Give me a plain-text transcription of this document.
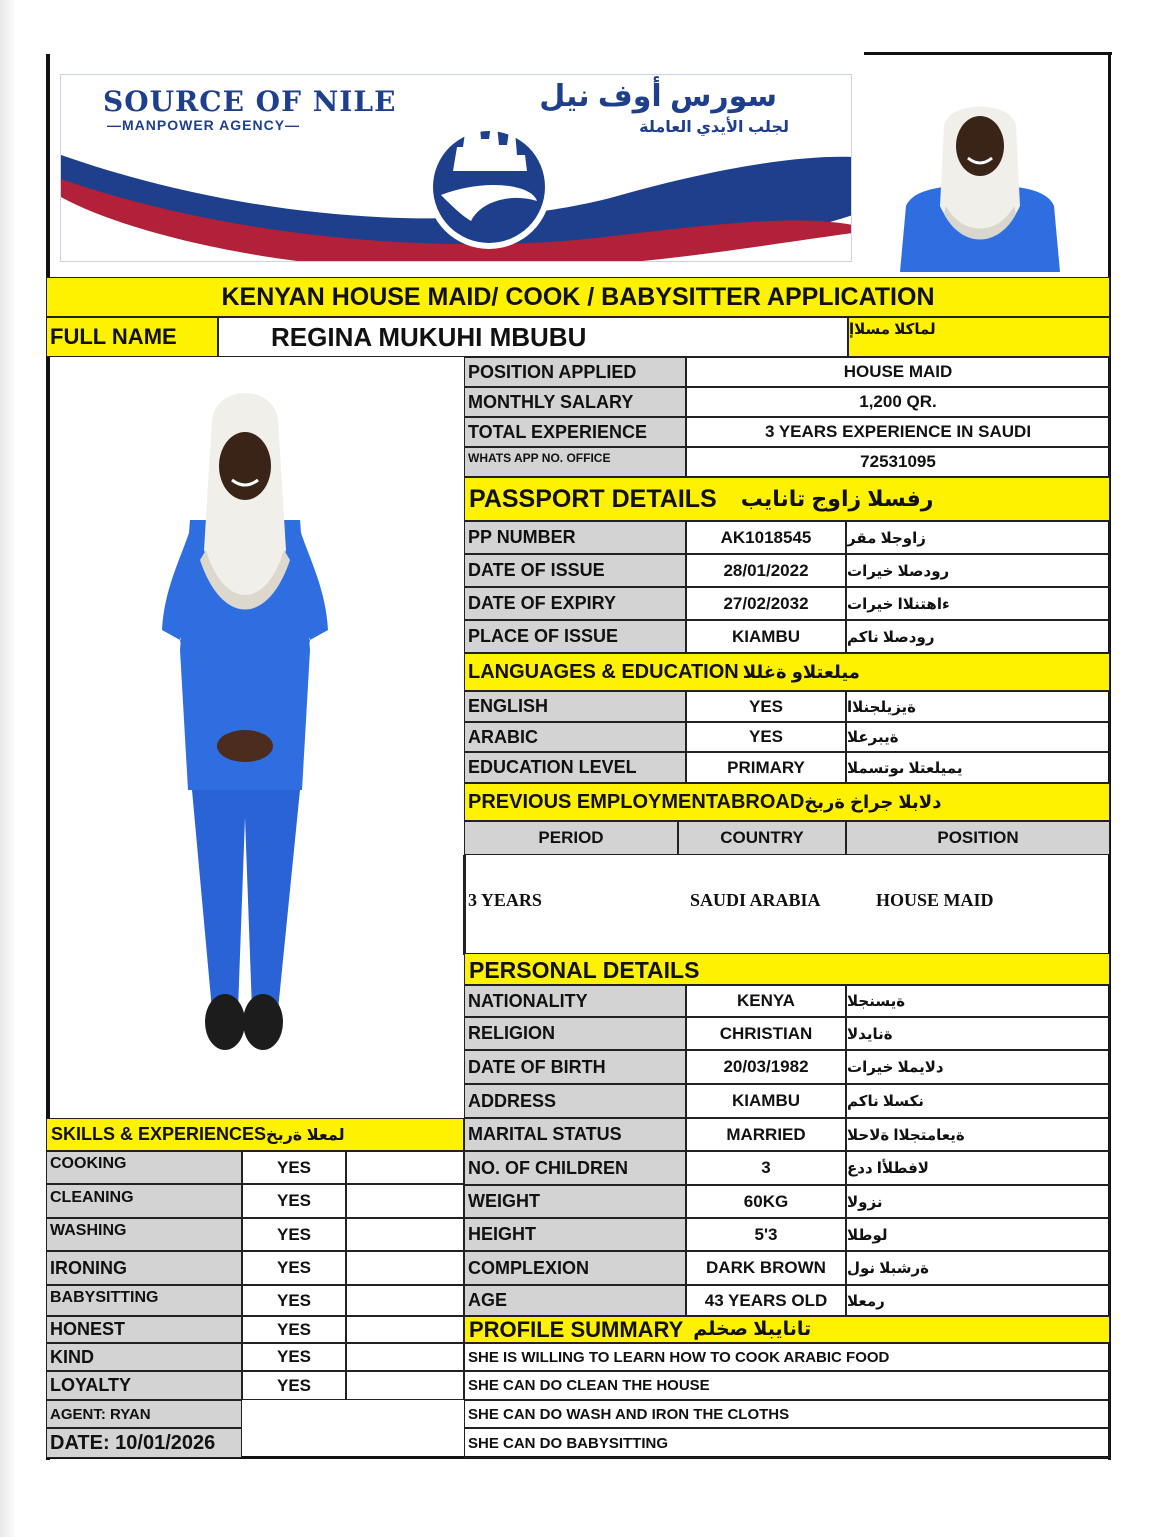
SOURCE OF NILE
—MANPOWER AGENCY—
سورس أوف نيل
لجلب الأيدي العاملة
KENYAN HOUSE MAID/ COOK / BABYSITTER APPLICATION
FULL NAME	REGINA MUKUHI MBUBU	لماكلا مسلاإ
POSITION APPLIED	HOUSE MAID
MONTHLY SALARY	1,200 QR.
TOTAL EXPERIENCE	3 YEARS EXPERIENCE IN SAUDI
WHATS APP NO. OFFICE	72531095
PASSPORT DETAILS رفسلا زاوج تانايب
PP NUMBER	AK1018545	زاوجلا مقر
DATE OF ISSUE	28/01/2022	رودصلا خيرات
DATE OF EXPIRY	27/02/2032	ءاهتنلاا خيرات
PLACE OF ISSUE	KIAMBU	رودصلا ناكم
LANGUAGES & EDUCATION ميلعتلاو ةغللا
ENGLISH	YES	ةيزيلجنلاا
ARABIC	YES	ةيبرعلا
EDUCATION LEVEL	PRIMARY	يميلعتلا ىوتسملا
PREVIOUS EMPLOYMENTABROAD دلابلا جراخ ةربخ
PERIOD	COUNTRY	POSITION
3 YEARS	SAUDI ARABIA	HOUSE MAID
PERSONAL DETAILS
NATIONALITY	KENYA	ةيسنجلا
RELIGION	CHRISTIAN	ةنايدلا
DATE OF BIRTH	20/03/1982	دلايملا خيرات
ADDRESS	KIAMBU	نكسلا ناكم
MARITAL STATUS	MARRIED	ةيعامتجلاا ةلاحلا
NO. OF CHILDREN	3	لافطلأا ددع
WEIGHT	60KG	نزولا
HEIGHT	5'3	لوطلا
COMPLEXION	DARK BROWN	ةرشبلا نول
AGE	43 YEARS OLD	رمعلا
PROFILE SUMMARY تانايبلا صخلم
SHE IS WILLING TO LEARN HOW TO COOK ARABIC FOOD
SHE CAN DO CLEAN THE HOUSE
SHE CAN DO WASH AND IRON THE CLOTHS
SHE CAN DO BABYSITTING
SKILLS & EXPERIENCES لمعلا ةربخ
COOKING	YES
CLEANING	YES
WASHING	YES
IRONING	YES
BABYSITTING	YES
HONEST	YES
KIND	YES
LOYALTY	YES
AGENT: RYAN
DATE: 10/01/2026
